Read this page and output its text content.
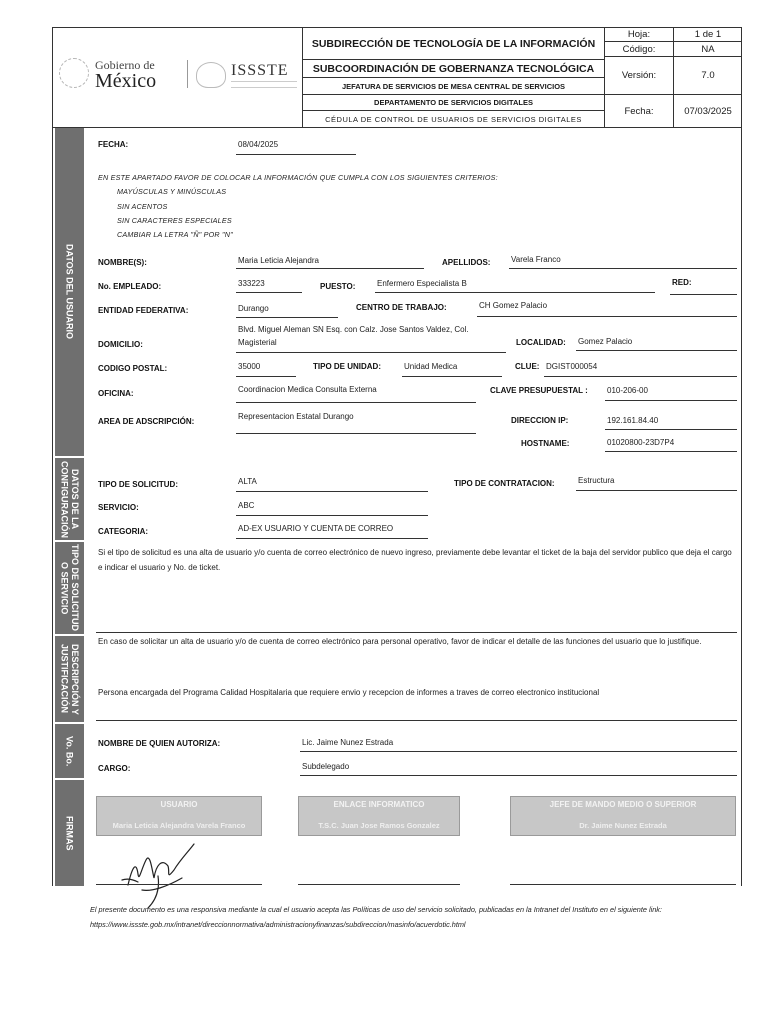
Gobierno de
México	ISSSTE
SUBDIRECCIÓN DE TECNOLOGÍA DE LA INFORMACIÓN
SUBCOORDINACIÓN DE GOBERNANZA TECNOLÓGICA
JEFATURA DE SERVICIOS DE MESA CENTRAL DE SERVICIOS
DEPARTAMENTO DE SERVICIOS DIGITALES
CÉDULA DE CONTROL DE USUARIOS DE SERVICIOS DIGITALES
Hoja:	1 de 1
Código:	NA
Versión:	7.0
Fecha:	07/03/2025
DATOS DEL USUARIO
DATOS DE LA
CONFIGURACIÓN
TIPO DE SOLICITUD
O SERVICIO
DESCRIPCIÓN Y
JUSTIFICACIÓN
Vo. Bo.
FIRMAS
FECHA:	08/04/2025
EN ESTE APARTADO FAVOR DE COLOCAR LA INFORMACIÓN QUE CUMPLA CON LOS SIGUIENTES CRITERIOS:
MAYÚSCULAS Y MINÚSCULAS
SIN ACENTOS
SIN CARACTERES ESPECIALES
CAMBIAR LA LETRA "Ñ" POR "N"
NOMBRE(S):	Maria Leticia Alejandra	APELLIDOS:	Varela Franco
No. EMPLEADO:	333223	PUESTO:	Enfermero Especialista B	RED:
ENTIDAD FEDERATIVA:	Durango	CENTRO DE TRABAJO:	CH Gomez Palacio
Blvd. Miguel Aleman SN Esq. con Calz. Jose Santos Valdez, Col.
DOMICILIO:	Magisterial	LOCALIDAD: Gomez Palacio
CODIGO POSTAL:	35000	TIPO DE UNIDAD:	Unidad Medica	CLUE: DGIST000054
OFICINA:	Coordinacion Medica Consulta Externa	CLAVE PRESUPUESTAL : 010-206-00
AREA DE ADSCRIPCIÓN:
Representacion Estatal Durango	DIRECCION IP:	192.161.84.40
HOSTNAME:	01020800-23D7P4
TIPO DE SOLICITUD:	ALTA	TIPO DE CONTRATACION:	Estructura
SERVICIO:	ABC
CATEGORIA:	AD-EX USUARIO Y CUENTA DE CORREO
Si el tipo de solicitud es una alta de usuario y/o cuenta de correo electrónico de nuevo ingreso, previamente debe levantar el ticket de la baja del servidor publico que deja el cargo e indicar el usuario y No. de ticket.
En caso de solicitar un alta de usuario y/o de cuenta de correo electrónico para personal operativo, favor de indicar el detalle de las funciones del usuario que lo justifique.
Persona encargada del Programa Calidad Hospitalaria que requiere envio y recepcion de informes a traves de correo electronico institucional
NOMBRE DE QUIEN AUTORIZA:	Lic. Jaime Nunez Estrada
CARGO:	Subdelegado
USUARIO
Maria Leticia Alejandra Varela Franco
ENLACE INFORMATICO
T.S.C. Juan Jose Ramos Gonzalez
JEFE DE MANDO MEDIO O SUPERIOR
Dr. Jaime Nunez Estrada
El presente documento es una responsiva mediante la cual el usuario acepta las Políticas de uso del servicio solicitado, publicadas en la Intranet del Instituto en el siguiente link: https://www.issste.gob.mx/intranet/direccionnormativa/administracionyfinanzas/subdireccion/masinfo/acuerdotic.html
